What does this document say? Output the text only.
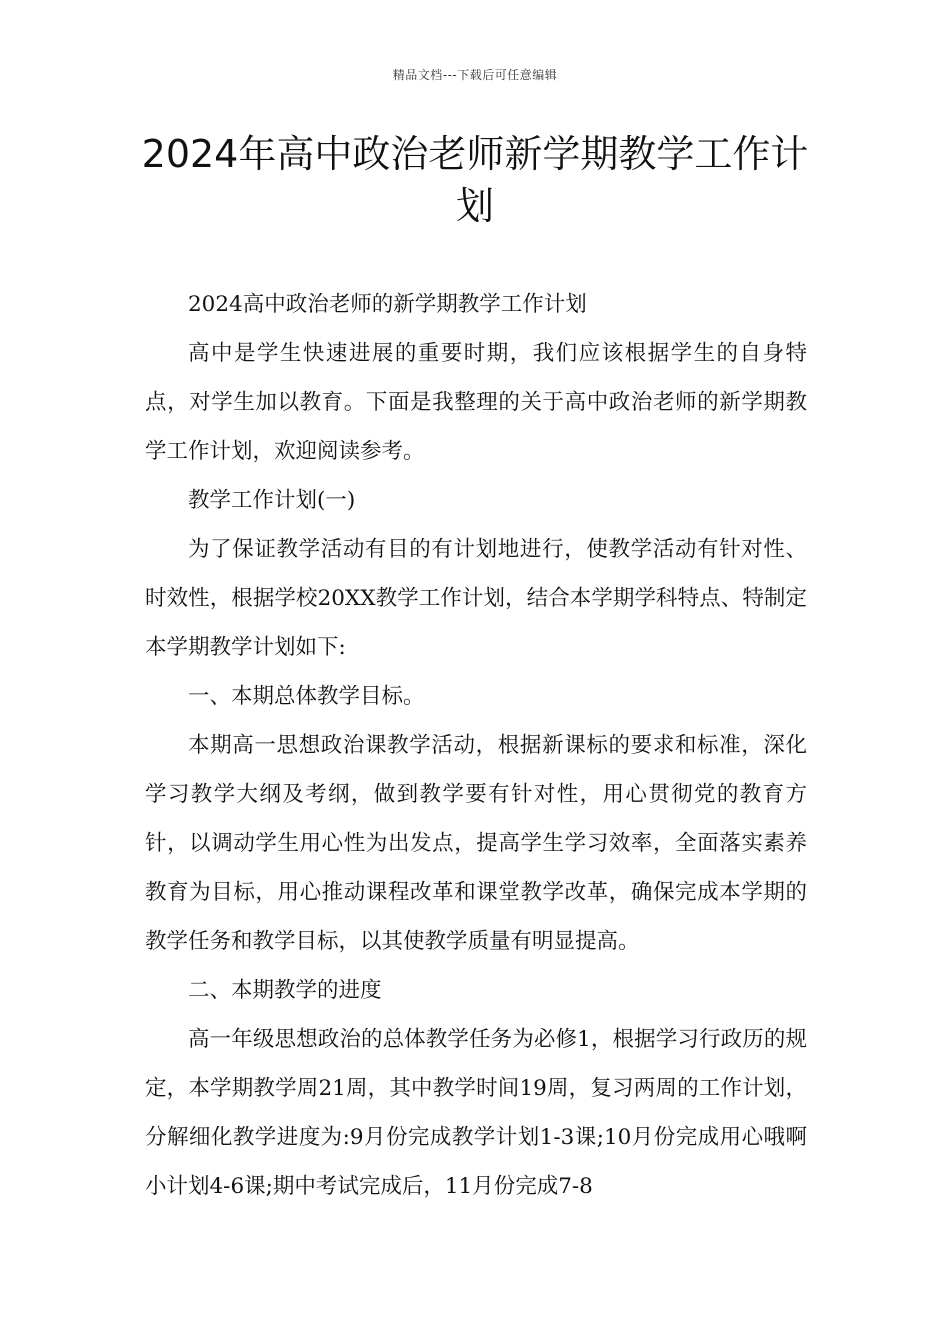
精品文档---下载后可任意编辑
2024年高中政治老师新学期教学工作计划

2024高中政治老师的新学期教学工作计划

高中是学生快速进展的重要时期，我们应该根据学生的自身特点，对学生加以教育。下面是我整理的关于高中政治老师的新学期教学工作计划，欢迎阅读参考。

教学工作计划(一)

为了保证教学活动有目的有计划地进行，使教学活动有针对性、时效性，根据学校20XX教学工作计划，结合本学期学科特点、特制定本学期教学计划如下:

一、本期总体教学目标。

本期高一思想政治课教学活动，根据新课标的要求和标准，深化学习教学大纲及考纲，做到教学要有针对性，用心贯彻党的教育方针，以调动学生用心性为出发点，提高学生学习效率，全面落实素养教育为目标，用心推动课程改革和课堂教学改革，确保完成本学期的教学任务和教学目标，以其使教学质量有明显提高。

二、本期教学的进度

高一年级思想政治的总体教学任务为必修1，根据学习行政历的规定，本学期教学周21周，其中教学时间19周，复习两周的工作计划，分解细化教学进度为:9月份完成教学计划1-3课;10月份完成用心哦啊小计划4-6课;期中考试完成后，11月份完成7-8
